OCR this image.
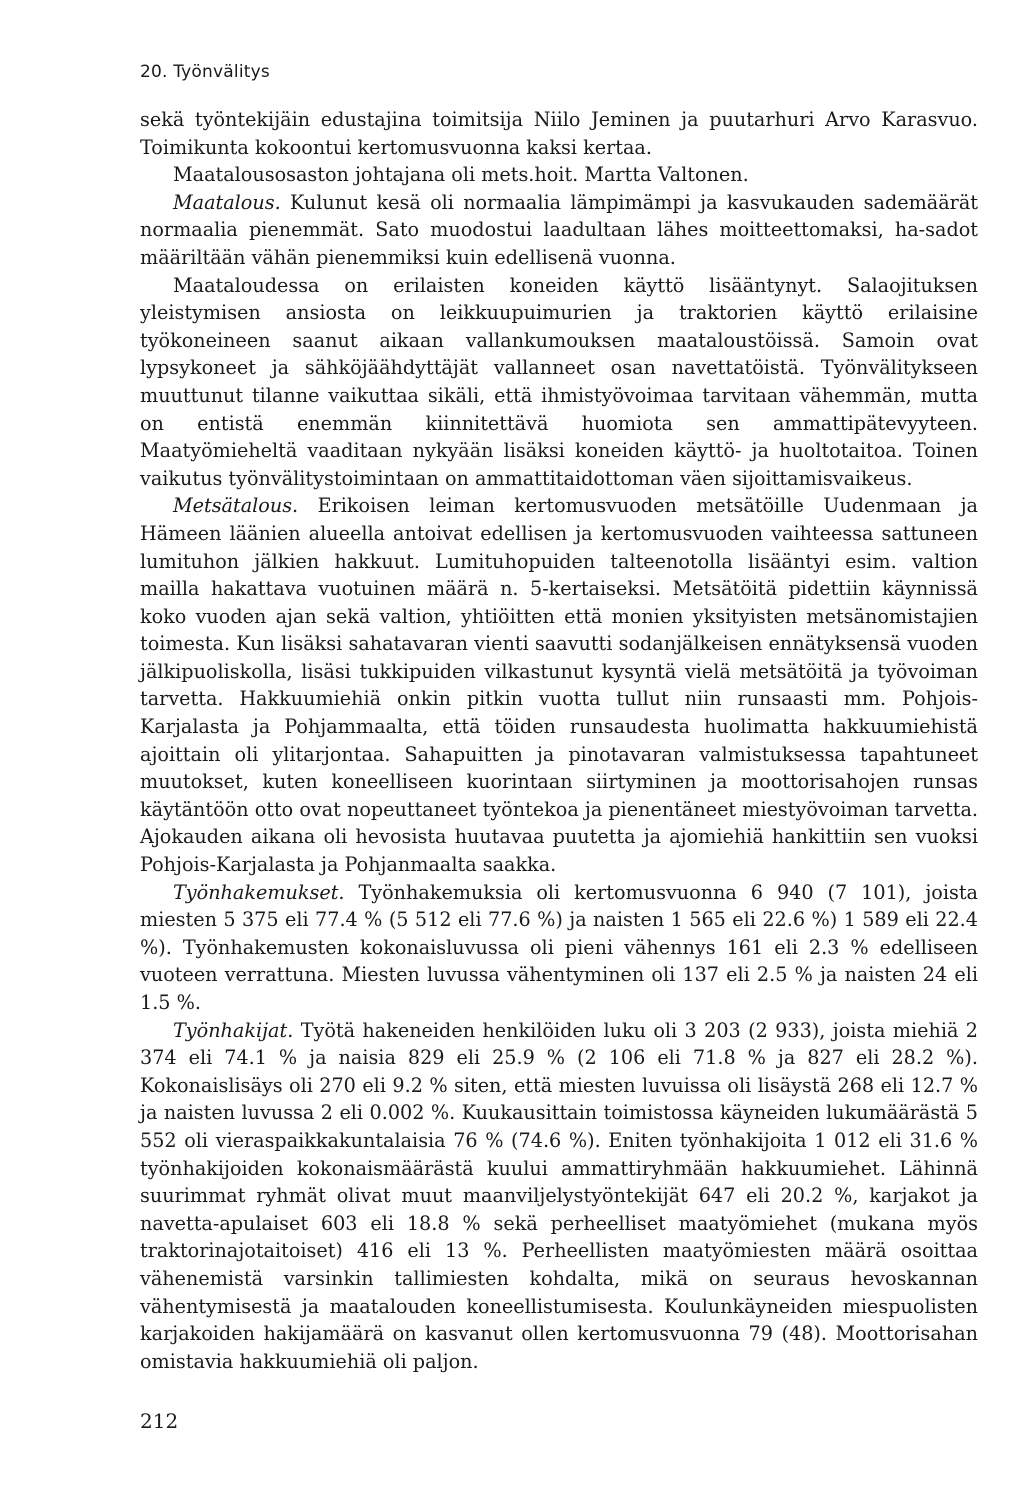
20. Työnvälitys

sekä työntekijäin edustajina toimitsija Niilo Jeminen ja puutarhuri Arvo Karasvuo. Toimikunta kokoontui kertomusvuonna kaksi kertaa.

Maatalousosaston johtajana oli mets.hoit. Martta Valtonen.

Maatalous. Kulunut kesä oli normaalia lämpimämpi ja kasvukauden sademäärät normaalia pienemmät. Sato muodostui laadultaan lähes moitteettomaksi, ha-sadot määriltään vähän pienemmiksi kuin edellisenä vuonna.

Maataloudessa on erilaisten koneiden käyttö lisääntynyt. Salaojituksen yleistymisen ansiosta on leikkuupuimurien ja traktorien käyttö erilaisine työkoneineen saanut aikaan vallankumouksen maataloustöissä. Samoin ovat lypsykoneet ja sähköjäähdyttäjät vallanneet osan navettatöistä. Työnvälitykseen muuttunut tilanne vaikuttaa sikäli, että ihmistyövoimaa tarvitaan vähemmän, mutta on entistä enemmän kiinnitettävä huomiota sen ammattipätevyyteen. Maatyömieheltä vaaditaan nykyään lisäksi koneiden käyttö- ja huoltotaitoa. Toinen vaikutus työnvälitystoimintaan on ammattitaidottoman väen sijoittamisvaikeus.

Metsätalous. Erikoisen leiman kertomusvuoden metsätöille Uudenmaan ja Hämeen läänien alueella antoivat edellisen ja kertomusvuoden vaihteessa sattuneen lumituhon jälkien hakkuut. Lumituhopuiden talteenotolla lisääntyi esim. valtion mailla hakattava vuotuinen määrä n. 5-kertaiseksi. Metsätöitä pidettiin käynnissä koko vuoden ajan sekä valtion, yhtiöitten että monien yksityisten metsänomistajien toimesta. Kun lisäksi sahatavaran vienti saavutti sodanjälkeisen ennätyksensä vuoden jälkipuoliskolla, lisäsi tukkipuiden vilkastunut kysyntä vielä metsätöitä ja työvoiman tarvetta. Hakkuumiehiä onkin pitkin vuotta tullut niin runsaasti mm. Pohjois-Karjalasta ja Pohjammaalta, että töiden runsaudesta huolimatta hakkuumiehistä ajoittain oli ylitarjontaa. Sahapuitten ja pinotavaran valmistuksessa tapahtuneet muutokset, kuten koneelliseen kuorintaan siirtyminen ja moottorisahojen runsas käytäntöön otto ovat nopeuttaneet työntekoa ja pienentäneet miestyövoiman tarvetta. Ajokauden aikana oli hevosista huutavaa puutetta ja ajomiehiä hankittiin sen vuoksi Pohjois-Karjalasta ja Pohjanmaalta saakka.

Työnhakemukset. Työnhakemuksia oli kertomusvuonna 6 940 (7 101), joista miesten 5 375 eli 77.4 % (5 512 eli 77.6 %) ja naisten 1 565 eli 22.6 %) 1 589 eli 22.4 %). Työnhakemusten kokonaisluvussa oli pieni vähennys 161 eli 2.3 % edelliseen vuoteen verrattuna. Miesten luvussa vähentyminen oli 137 eli 2.5 % ja naisten 24 eli 1.5 %.

Työnhakijat. Työtä hakeneiden henkilöiden luku oli 3 203 (2 933), joista miehiä 2 374 eli 74.1 % ja naisia 829 eli 25.9 % (2 106 eli 71.8 % ja 827 eli 28.2 %). Kokonaislisäys oli 270 eli 9.2 % siten, että miesten luvuissa oli lisäystä 268 eli 12.7 % ja naisten luvussa 2 eli 0.002 %. Kuukausittain toimistossa käyneiden lukumäärästä 5 552 oli vieraspaikkakuntalaisia 76 % (74.6 %). Eniten työnhakijoita 1 012 eli 31.6 % työnhakijoiden kokonaismäärästä kuului ammattiryhmään hakkuumiehet. Lähinnä suurimmat ryhmät olivat muut maanviljelystyöntekijät 647 eli 20.2 %, karjakot ja navetta-apulaiset 603 eli 18.8 % sekä perheelliset maatyömiehet (mukana myös traktorinajotaitoiset) 416 eli 13 %. Perheellisten maatyömiesten määrä osoittaa vähenemistä varsinkin tallimiesten kohdalta, mikä on seuraus hevoskannan vähentymisestä ja maatalouden koneellistumisesta. Koulunkäyneiden miespuolisten karjakoiden hakijamäärä on kasvanut ollen kertomusvuonna 79 (48). Moottorisahan omistavia hakkuumiehiä oli paljon.

212
